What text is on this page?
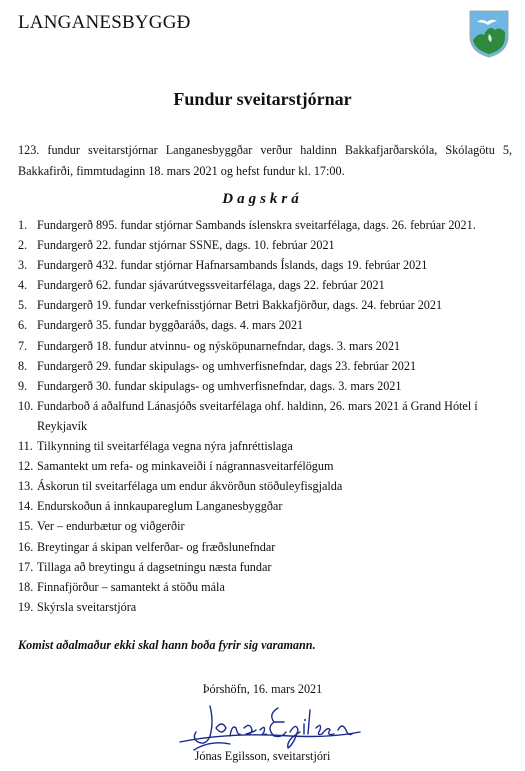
LANGANESBYGGÐ
Fundur sveitarstjórnar
123. fundur sveitarstjórnar Langanesbyggðar verður haldinn Bakkafjarðarskóla, Skólagötu 5, Bakkafirði, fimmtudaginn 18. mars 2021 og hefst fundur kl. 17:00.
Dagskrá
1. Fundargerð 895. fundar stjórnar Sambands íslenskra sveitarfélaga, dags. 26. febrúar 2021.
2. Fundargerð 22. fundar stjórnar SSNE, dags. 10. febrúar 2021
3. Fundargerð 432. fundar stjórnar Hafnarsambands Íslands, dags 19. febrúar 2021
4. Fundargerð 62. fundar sjávarútvegssveitarfélaga, dags 22. febrúar 2021
5. Fundargerð 19. fundar verkefnisstjórnar Betri Bakkafjörður, dags. 24. febrúar 2021
6. Fundargerð 35. fundar byggðaráðs, dags. 4. mars 2021
7. Fundargerð 18. fundur atvinnu- og nýsköpunarnefndar, dags. 3. mars 2021
8. Fundargerð 29. fundar skipulags- og umhverfisnefndar, dags 23. febrúar 2021
9. Fundargerð 30. fundar skipulags- og umhverfisnefndar, dags. 3. mars 2021
10. Fundarboð á aðalfund Lánasjóðs sveitarfélaga ohf. haldinn, 26. mars 2021 á Grand Hótel í Reykjavík
11. Tilkynning til sveitarfélaga vegna nýra jafnréttislaga
12. Samantekt um refa- og minkaveiði í nágrannasveitarfélögum
13. Áskorun til sveitarfélaga um endur ákvörðun stöðuleyfisgjalda
14. Endurskoðun á innkaupareglum Langanesbyggðar
15. Ver – endurbætur og viðgerðir
16. Breytingar á skipan velferðar- og fræðslunefndar
17. Tillaga að breytingu á dagsetningu næsta fundar
18. Finnafjörður – samantekt á stöðu mála
19. Skýrsla sveitarstjóra
Komist aðalmaður ekki skal hann boða fyrir sig varamann.
Þórshöfn, 16. mars 2021
Jónas Egilsson, sveitarstjóri
